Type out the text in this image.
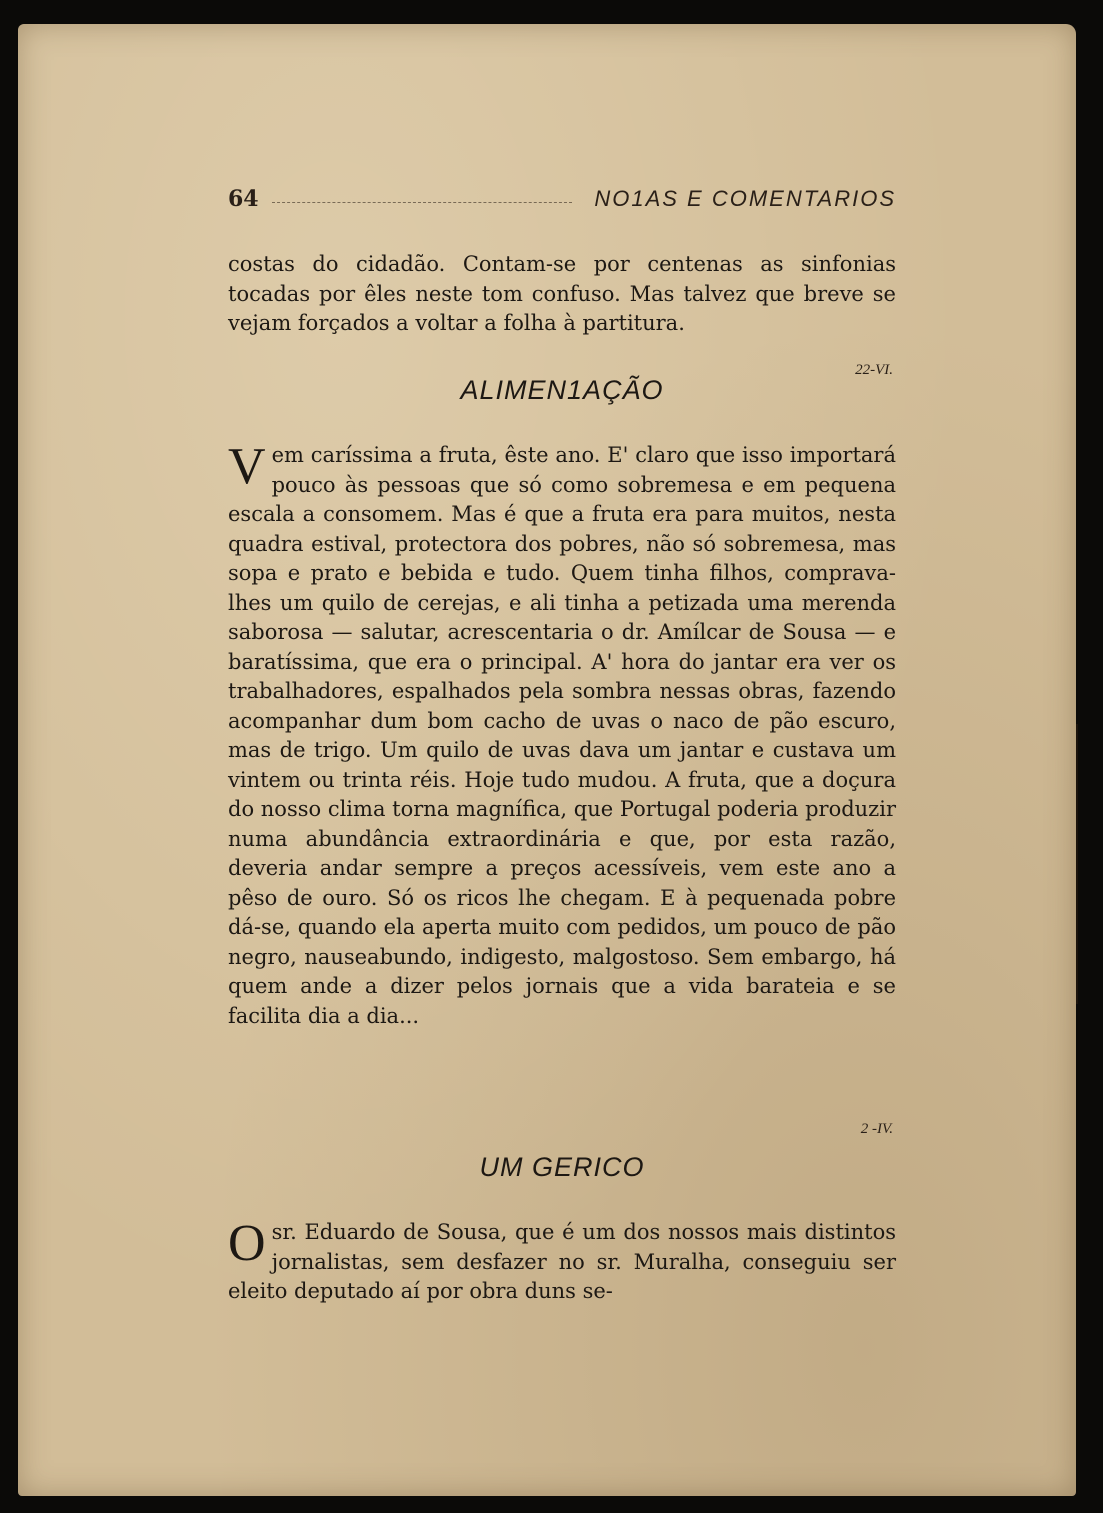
64	NO1AS E COMENTARIOS

costas do cidadão. Contam-se por centenas as sinfonias tocadas por êles neste tom confuso. Mas talvez que breve se vejam forçados a voltar a folha à partitura.

22-VI.
ALIMEN1AÇÃO

V em caríssima a fruta, êste ano. E' claro que isso importará pouco às pessoas que só como sobremesa e em pequena escala a consomem. Mas é que a fruta era para muitos, nesta quadra estival, protectora dos pobres, não só sobremesa, mas sopa e prato e bebida e tudo. Quem tinha filhos, comprava-lhes um quilo de cerejas, e ali tinha a petizada uma merenda saborosa — salutar, acrescentaria o dr. Amílcar de Sousa — e baratíssima, que era o principal. A' hora do jantar era ver os trabalhadores, espalhados pela sombra nessas obras, fazendo acompanhar dum bom cacho de uvas o naco de pão escuro, mas de trigo. Um quilo de uvas dava um jantar e custava um vintem ou trinta réis. Hoje tudo mudou. A fruta, que a doçura do nosso clima torna magnífica, que Portugal poderia produzir numa abundância extraordinária e que, por esta razão, deveria andar sempre a preços acessíveis, vem este ano a pêso de ouro. Só os ricos lhe chegam. E à pequenada pobre dá-se, quando ela aperta muito com pedidos, um pouco de pão negro, nauseabundo, indigesto, malgostoso. Sem embargo, há quem ande a dizer pelos jornais que a vida barateia e se facilita dia a dia...

2 -IV.
UM GERICO

O sr. Eduardo de Sousa, que é um dos nossos mais distintos jornalistas, sem desfazer no sr. Muralha, conseguiu ser eleito deputado aí por obra duns se-
